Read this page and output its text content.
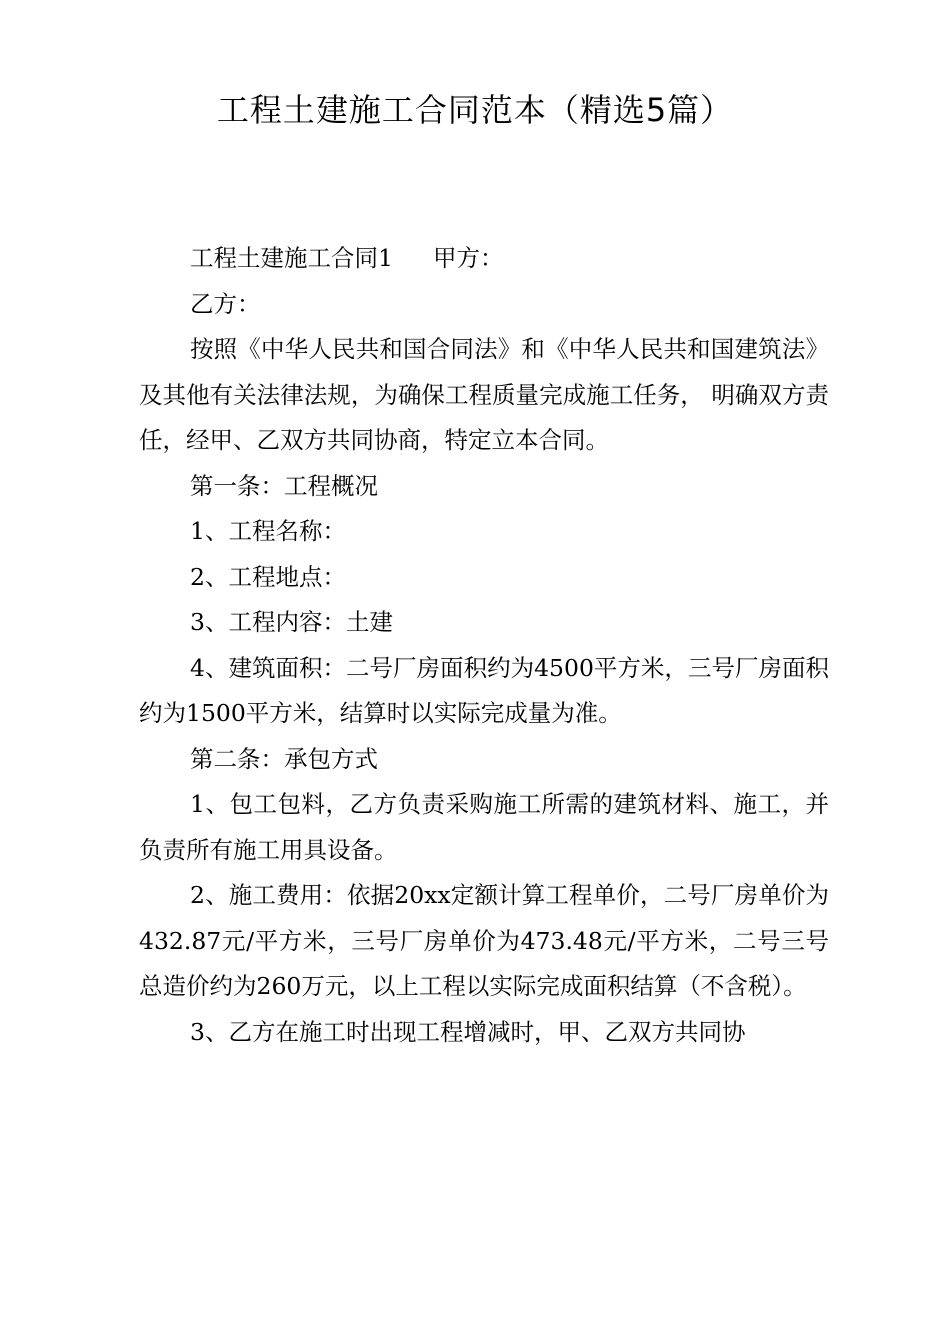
工程土建施工合同范本（精选5篇）

工程土建施工合同1 甲方：

乙方：

按照《中华人民共和国合同法》和《中华人民共和国建筑法》及其他有关法律法规，为确保工程质量完成施工任务， 明确双方责任，经甲、乙双方共同协商，特定立本合同。

第一条：工程概况

1、工程名称：

2、工程地点：

3、工程内容：土建

4、建筑面积：二号厂房面积约为4500平方米，三号厂房面积约为1500平方米，结算时以实际完成量为准。

第二条：承包方式

1、包工包料，乙方负责采购施工所需的建筑材料、施工，并负责所有施工用具设备。

2、施工费用：依据20xx定额计算工程单价，二号厂房单价为432.87元/平方米，三号厂房单价为473.48元/平方米，二号三号总造价约为260万元，以上工程以实际完成面积结算（不含税）。

3、乙方在施工时出现工程增减时，甲、乙双方共同协
